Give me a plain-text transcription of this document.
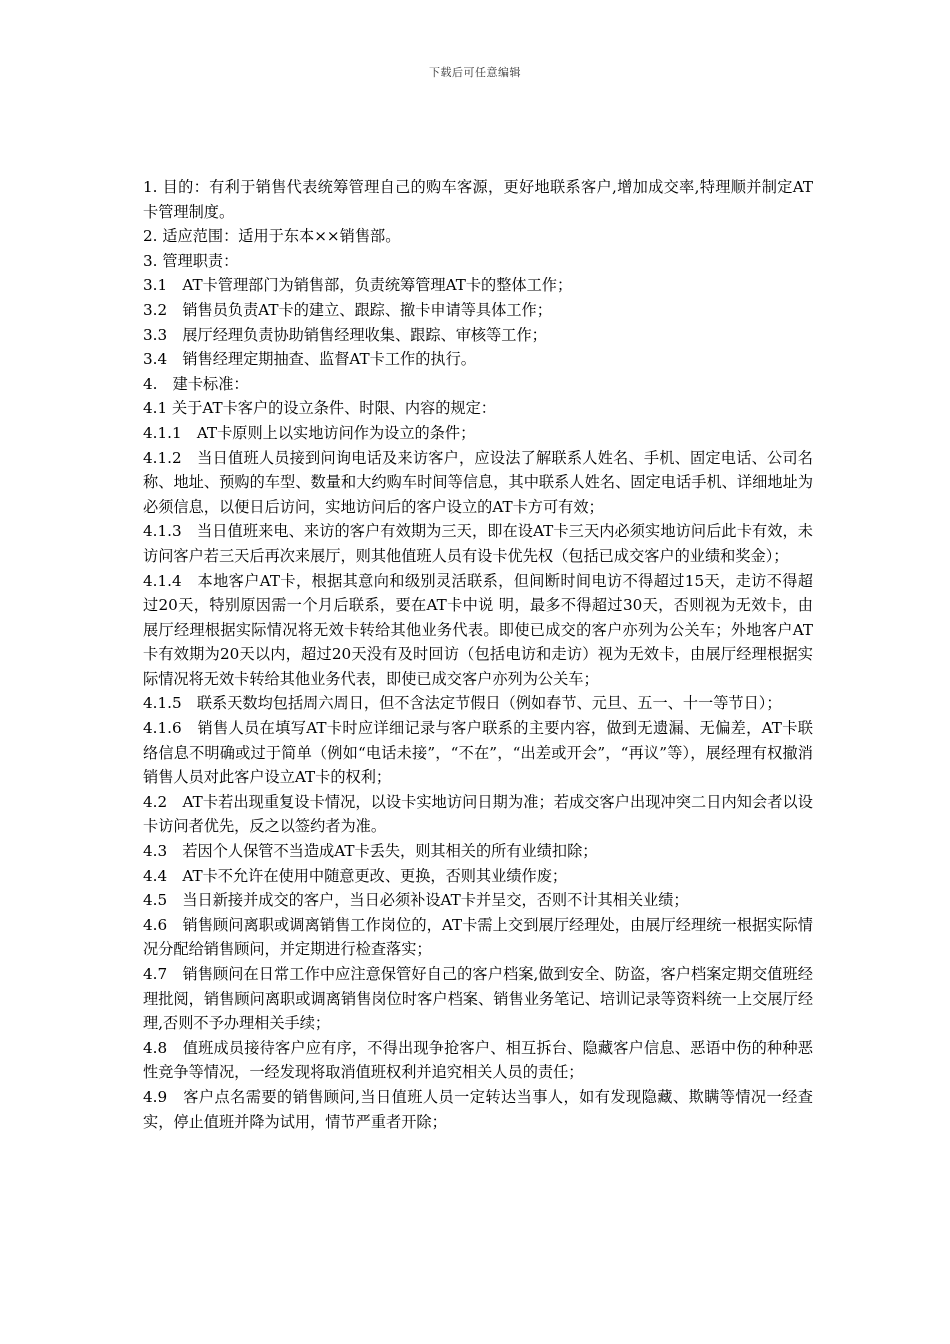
下载后可任意编辑

1. 目的：有利于销售代表统筹管理自己的购车客源，更好地联系客户,增加成交率,特理顺并制定AT卡管理制度。

2. 适应范围：适用于东本××销售部。

3. 管理职责：

3.1　AT卡管理部门为销售部，负责统筹管理AT卡的整体工作；

3.2　销售员负责AT卡的建立、跟踪、撤卡申请等具体工作；

3.3　展厅经理负责协助销售经理收集、跟踪、审核等工作；

3.4　销售经理定期抽查、监督AT卡工作的执行。

4.　建卡标准：

4.1 关于AT卡客户的设立条件、时限、内容的规定：

4.1.1　AT卡原则上以实地访问作为设立的条件；

4.1.2　当日值班人员接到问询电话及来访客户，应设法了解联系人姓名、手机、固定电话、公司名称、地址、预购的车型、数量和大约购车时间等信息，其中联系人姓名、固定电话手机、详细地址为必须信息，以便日后访问，实地访问后的客户设立的AT卡方可有效；

4.1.3　当日值班来电、来访的客户有效期为三天，即在设AT卡三天内必须实地访问后此卡有效，未访问客户若三天后再次来展厅，则其他值班人员有设卡优先权（包括已成交客户的业绩和奖金）；

4.1.4　本地客户AT卡，根据其意向和级别灵活联系，但间断时间电访不得超过15天，走访不得超过20天，特别原因需一个月后联系，要在AT卡中说 明，最多不得超过30天，否则视为无效卡，由展厅经理根据实际情况将无效卡转给其他业务代表。即使已成交的客户亦列为公关车；外地客户AT卡有效期为20天以内，超过20天没有及时回访（包括电访和走访）视为无效卡，由展厅经理根据实际情况将无效卡转给其他业务代表，即使已成交客户亦列为公关车；

4.1.5　联系天数均包括周六周日，但不含法定节假日（例如春节、元旦、五一、十一等节日）；

4.1.6　销售人员在填写AT卡时应详细记录与客户联系的主要内容，做到无遗漏、无偏差，AT卡联络信息不明确或过于简单（例如“电话未接”，“不在”，“出差或开会”，“再议”等），展经理有权撤消销售人员对此客户设立AT卡的权利；

4.2　AT卡若出现重复设卡情况，以设卡实地访问日期为准；若成交客户出现冲突二日内知会者以设卡访问者优先，反之以签约者为准。

4.3　若因个人保管不当造成AT卡丢失，则其相关的所有业绩扣除；

4.4　AT卡不允许在使用中随意更改、更换，否则其业绩作废；

4.5　当日新接并成交的客户，当日必须补设AT卡并呈交，否则不计其相关业绩；

4.6　销售顾问离职或调离销售工作岗位的，AT卡需上交到展厅经理处，由展厅经理统一根据实际情况分配给销售顾问，并定期进行检查落实；

4.7　销售顾问在日常工作中应注意保管好自己的客户档案,做到安全、防盗，客户档案定期交值班经理批阅，销售顾问离职或调离销售岗位时客户档案、销售业务笔记、培训记录等资料统一上交展厅经理,否则不予办理相关手续；

4.8　值班成员接待客户应有序，不得出现争抢客户、相互拆台、隐藏客户信息、恶语中伤的种种恶性竞争等情况，一经发现将取消值班权利并追究相关人员的责任；

4.9　客户点名需要的销售顾问,当日值班人员一定转达当事人，如有发现隐藏、欺瞒等情况一经查实，停止值班并降为试用，情节严重者开除；
